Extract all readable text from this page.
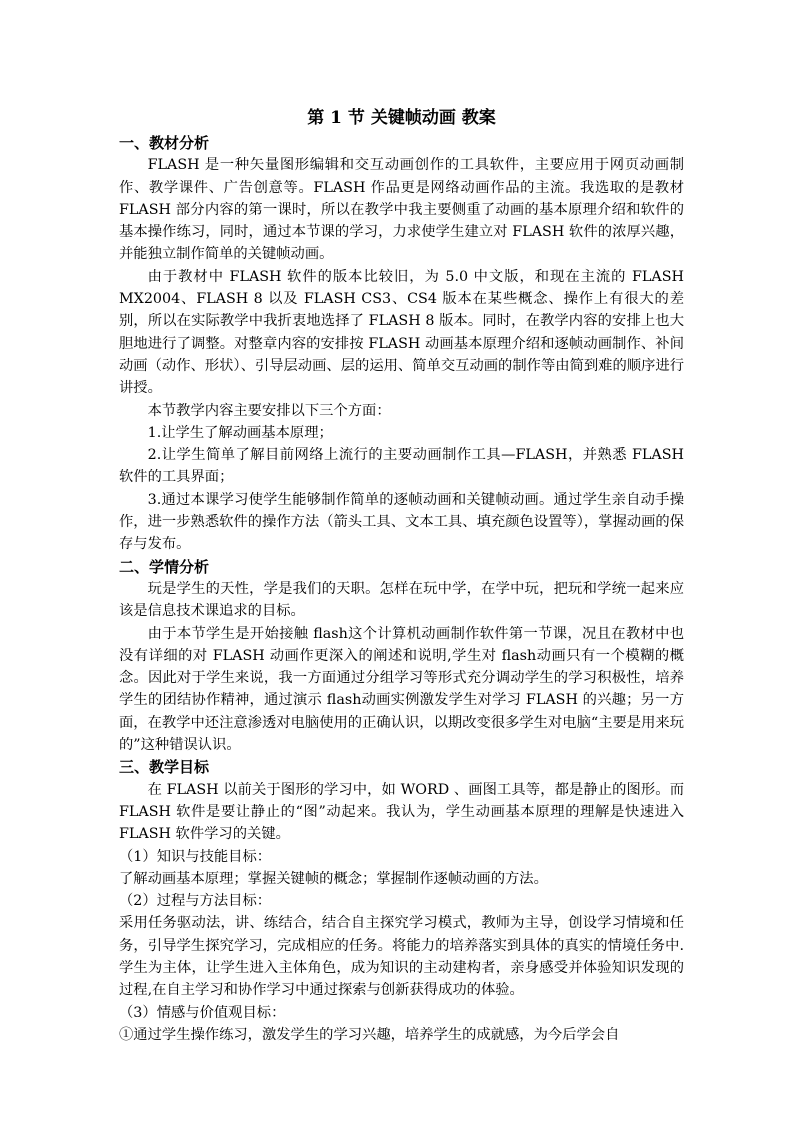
第 1 节 关键帧动画 教案
一、教材分析

FLASH 是一种矢量图形编辑和交互动画创作的工具软件，主要应用于网页动画制作、教学课件、广告创意等。FLASH 作品更是网络动画作品的主流。我选取的是教材 FLASH 部分内容的第一课时，所以在教学中我主要侧重了动画的基本原理介绍和软件的基本操作练习，同时，通过本节课的学习，力求使学生建立对 FLASH 软件的浓厚兴趣，并能独立制作简单的关键帧动画。

由于教材中 FLASH 软件的版本比较旧，为 5.0 中文版，和现在主流的 FLASH MX2004、FLASH 8 以及 FLASH CS3、CS4 版本在某些概念、操作上有很大的差别，所以在实际教学中我折衷地选择了 FLASH 8 版本。同时，在教学内容的安排上也大胆地进行了调整。对整章内容的安排按 FLASH 动画基本原理介绍和逐帧动画制作、补间动画（动作、形状）、引导层动画、层的运用、简单交互动画的制作等由简到难的顺序进行讲授。

本节教学内容主要安排以下三个方面：

1.让学生了解动画基本原理；

2.让学生简单了解目前网络上流行的主要动画制作工具—FLASH，并熟悉 FLASH 软件的工具界面；

3.通过本课学习使学生能够制作简单的逐帧动画和关键帧动画。通过学生亲自动手操作，进一步熟悉软件的操作方法（箭头工具、文本工具、填充颜色设置等），掌握动画的保存与发布。

二、学情分析

玩是学生的天性，学是我们的天职。怎样在玩中学，在学中玩，把玩和学统一起来应该是信息技术课追求的目标。

由于本节学生是开始接触 flash这个计算机动画制作软件第一节课，况且在教材中也没有详细的对 FLASH 动画作更深入的阐述和说明,学生对 flash动画只有一个模糊的概念。因此对于学生来说，我一方面通过分组学习等形式充分调动学生的学习积极性，培养学生的团结协作精神，通过演示 flash动画实例激发学生对学习 FLASH 的兴趣；另一方面，在教学中还注意渗透对电脑使用的正确认识，以期改变很多学生对电脑“主要是用来玩的”这种错误认识。

三、教学目标

在 FLASH 以前关于图形的学习中，如 WORD 、画图工具等，都是静止的图形。而 FLASH 软件是要让静止的“图”动起来。我认为，学生动画基本原理的理解是快速进入 FLASH 软件学习的关键。

（1）知识与技能目标：

了解动画基本原理；掌握关键帧的概念；掌握制作逐帧动画的方法。

（2）过程与方法目标：

采用任务驱动法，讲、练结合，结合自主探究学习模式，教师为主导，创设学习情境和任务，引导学生探究学习，完成相应的任务。将能力的培养落实到具体的真实的情境任务中.学生为主体，让学生进入主体角色，成为知识的主动建构者，亲身感受并体验知识发现的过程,在自主学习和协作学习中通过探索与创新获得成功的体验。

（3）情感与价值观目标：

①通过学生操作练习，激发学生的学习兴趣，培养学生的成就感，为今后学会自
